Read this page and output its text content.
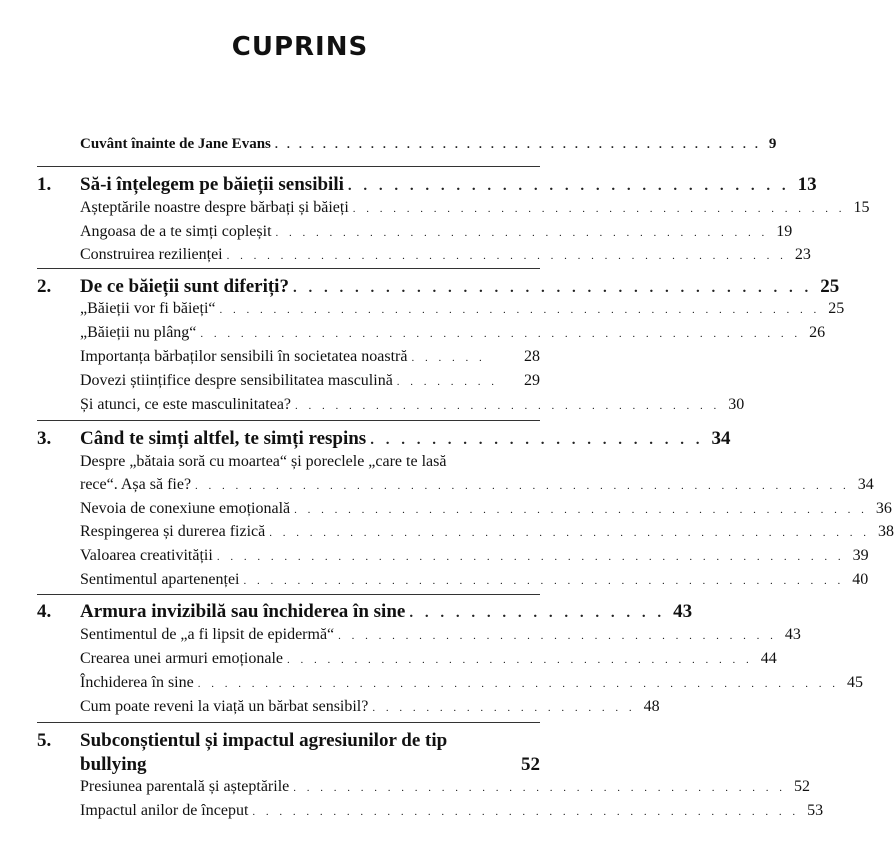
CUPRINS
Cuvânt înainte de Jane Evans . . . . . . . . . . . . . . . . . . . . . . . . . . . . . . . . . . . . . . . . . 9
1. Să-i înțelegem pe băieții sensibili . . . . . . . . . . . . . . . . . . . . . . . . . . . . . 13
Așteptările noastre despre bărbați și băieți . . . . . . . . . . . . . . . . . . . . . . . . . . . . . . . . . . . . . 15
Angoasa de a te simți copleșit . . . . . . . . . . . . . . . . . . . . . . . . . . . . . . . . . . . . . 19
Construirea rezilienței . . . . . . . . . . . . . . . . . . . . . . . . . . . . . . . . . . . . . . . . . . 23
2. De ce băieții sunt diferiți? . . . . . . . . . . . . . . . . . . . . . . . . . . . . . . . . . . 25
„Băieții vor fi băieți“ . . . . . . . . . . . . . . . . . . . . . . . . . . . . . . . . . . . . . . . . . . . . . 25
„Băieții nu plâng“ . . . . . . . . . . . . . . . . . . . . . . . . . . . . . . . . . . . . . . . . . . . . . 26
Importanța bărbaților sensibili în societatea noastră . . . . . .	28
Dovezi științifice despre sensibilitatea masculină . . . . . . . .	29
Și atunci, ce este masculinitatea? . . . . . . . . . . . . . . . . . . . . . . . . . . . . . . . . 30
3. Când te simți altfel, te simți respins . . . . . . . . . . . . . . . . . . . . . . 34
Despre „bătaia soră cu moartea“ și poreclele „care te lasă
rece“. Așa să fie? . . . . . . . . . . . . . . . . . . . . . . . . . . . . . . . . . . . . . . . . . . . . . . . . . 34
Nevoia de conexiune emoțională . . . . . . . . . . . . . . . . . . . . . . . . . . . . . . . . . . . . . . . . . . . 36
Respingerea și durerea fizică . . . . . . . . . . . . . . . . . . . . . . . . . . . . . . . . . . . . . . . . . . . . . 38
Valoarea creativității . . . . . . . . . . . . . . . . . . . . . . . . . . . . . . . . . . . . . . . . . . . . . . . 39
Sentimentul apartenenței . . . . . . . . . . . . . . . . . . . . . . . . . . . . . . . . . . . . . . . . . . . . . 40
4. Armura invizibilă sau închiderea în sine . . . . . . . . . . . . . . . . . 43
Sentimentul de „a fi lipsit de epidermă“ . . . . . . . . . . . . . . . . . . . . . . . . . . . . . . . . . 43
Crearea unei armuri emoționale . . . . . . . . . . . . . . . . . . . . . . . . . . . . . . . . . . . 44
Închiderea în sine . . . . . . . . . . . . . . . . . . . . . . . . . . . . . . . . . . . . . . . . . . . . . . . . 45
Cum poate reveni la viață un bărbat sensibil? . . . . . . . . . . . . . . . . . . . . 48
5. Subconștientul și impactul agresiunilor de tip
bullying	52
Presiunea parentală și așteptările . . . . . . . . . . . . . . . . . . . . . . . . . . . . . . . . . . . . . 52
Impactul anilor de început . . . . . . . . . . . . . . . . . . . . . . . . . . . . . . . . . . . . . . . . . 53
